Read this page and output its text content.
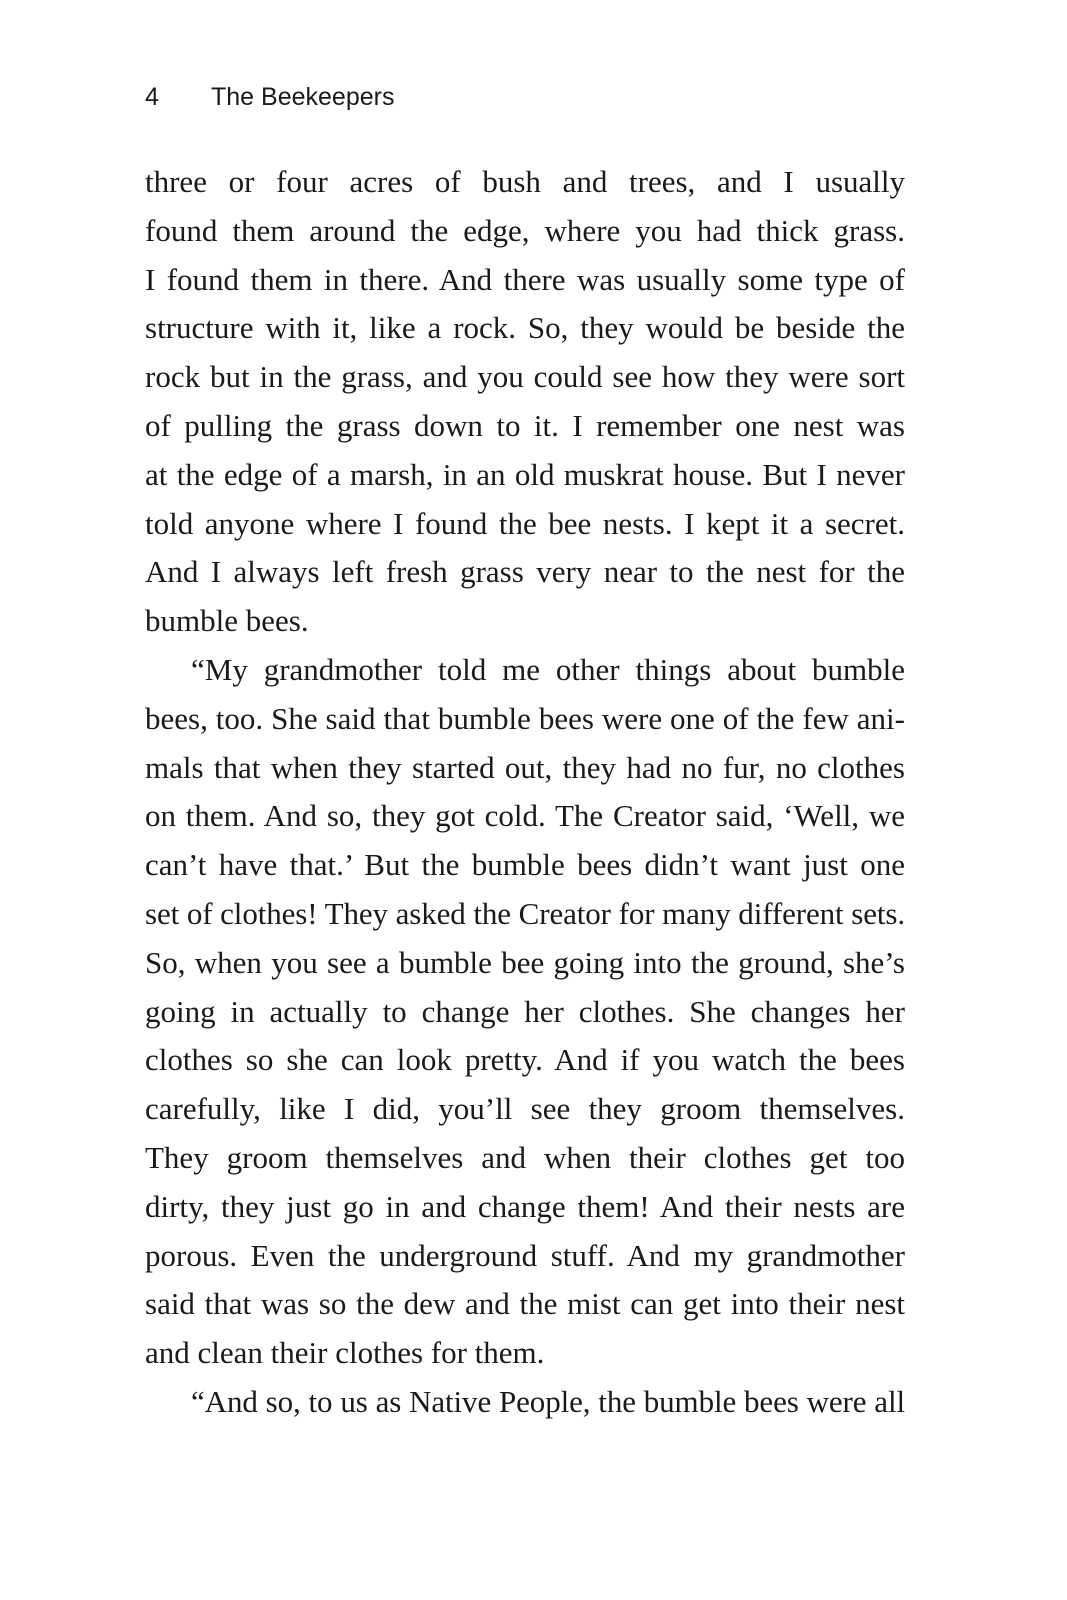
4 The Beekeepers
three or four acres of bush and trees, and I usually
found them around the edge, where you had thick grass.
I found them in there. And there was usually some type of
structure with it, like a rock. So, they would be beside the
rock but in the grass, and you could see how they were sort
of pulling the grass down to it. I remember one nest was
at the edge of a marsh, in an old muskrat house. But I never
told anyone where I found the bee nests. I kept it a secret.
And I always left fresh grass very near to the nest for the
bumble bees.
“My grandmother told me other things about bumble
bees, too. She said that bumble bees were one of the few ani-
mals that when they started out, they had no fur, no clothes
on them. And so, they got cold. The Creator said, ‘Well, we
can’t have that.’ But the bumble bees didn’t want just one
set of clothes! They asked the Creator for many different sets.
So, when you see a bumble bee going into the ground, she’s
going in actually to change her clothes. She changes her
clothes so she can look pretty. And if you watch the bees
carefully, like I did, you’ll see they groom themselves.
They groom themselves and when their clothes get too
dirty, they just go in and change them! And their nests are
porous. Even the underground stuff. And my grandmother
said that was so the dew and the mist can get into their nest
and clean their clothes for them.
“And so, to us as Native People, the bumble bees were all
